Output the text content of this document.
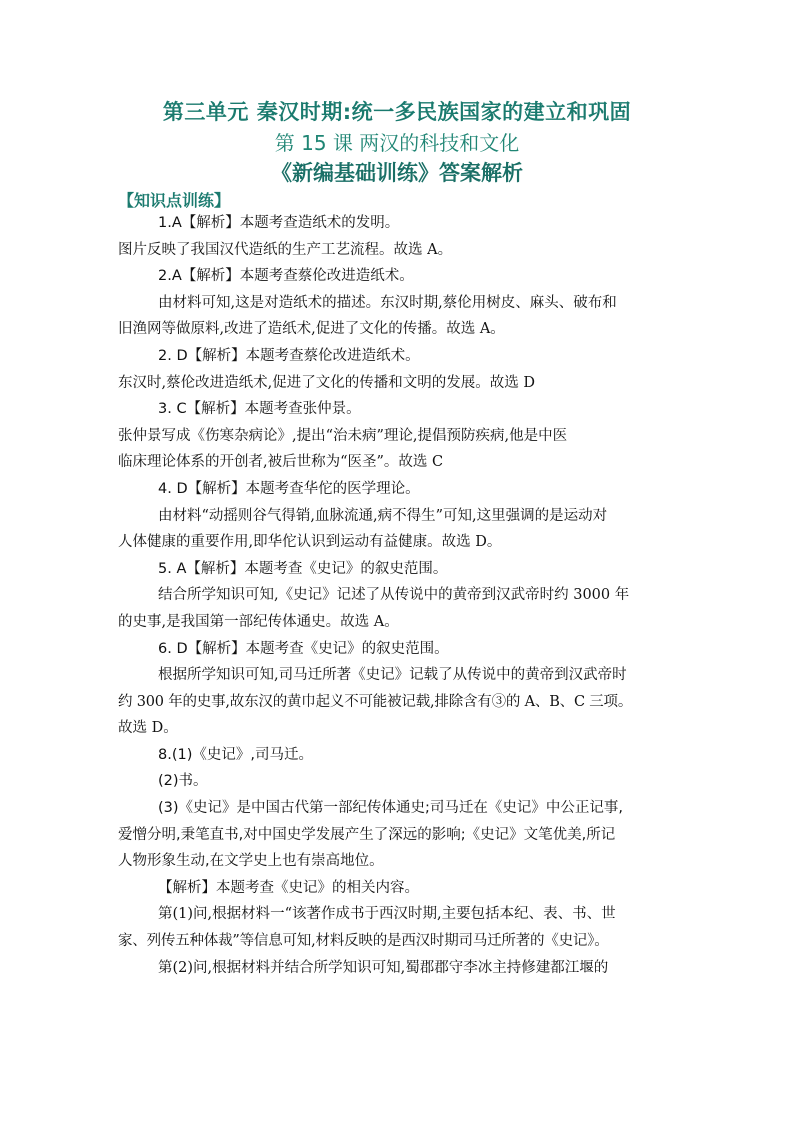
第三单元 秦汉时期:统一多民族国家的建立和巩固
第 15 课 两汉的科技和文化
《新编基础训练》答案解析
【知识点训练】
1.A【解析】本题考查造纸术的发明。
图片反映了我国汉代造纸的生产工艺流程。故选 A。
2.A【解析】本题考查蔡伦改进造纸术。
由材料可知,这是对造纸术的描述。东汉时期,蔡伦用树皮、麻头、破布和
旧渔网等做原料,改进了造纸术,促进了文化的传播。故选 A。
2. D【解析】本题考查蔡伦改进造纸术。
东汉时,蔡伦改进造纸术,促进了文化的传播和文明的发展。故选 D
3. C【解析】本题考查张仲景。
张仲景写成《伤寒杂病论》,提出“治未病”理论,提倡预防疾病,他是中医
临床理论体系的开创者,被后世称为“医圣”。故选 C
4. D【解析】本题考查华佗的医学理论。
由材料“动摇则谷气得销,血脉流通,病不得生”可知,这里强调的是运动对
人体健康的重要作用,即华佗认识到运动有益健康。故选 D。
5. A【解析】本题考查《史记》的叙史范围。
结合所学知识可知,《史记》记述了从传说中的黄帝到汉武帝时约 3000 年
的史事,是我国第一部纪传体通史。故选 A。
6. D【解析】本题考查《史记》的叙史范围。
根据所学知识可知,司马迁所著《史记》记载了从传说中的黄帝到汉武帝时
约 300 年的史事,故东汉的黄巾起义不可能被记载,排除含有③的 A、B、C 三项。
故选 D。
8.(1)《史记》,司马迁。
(2)书。
(3)《史记》是中国古代第一部纪传体通史;司马迁在《史记》中公正记事,
爱憎分明,秉笔直书,对中国史学发展产生了深远的影响;《史记》文笔优美,所记
人物形象生动,在文学史上也有崇高地位。
【解析】本题考查《史记》的相关内容。
第(1)问,根据材料一“该著作成书于西汉时期,主要包括本纪、表、书、世
家、列传五种体裁”等信息可知,材料反映的是西汉时期司马迁所著的《史记》。
第(2)问,根据材料并结合所学知识可知,蜀郡郡守李冰主持修建都江堰的
